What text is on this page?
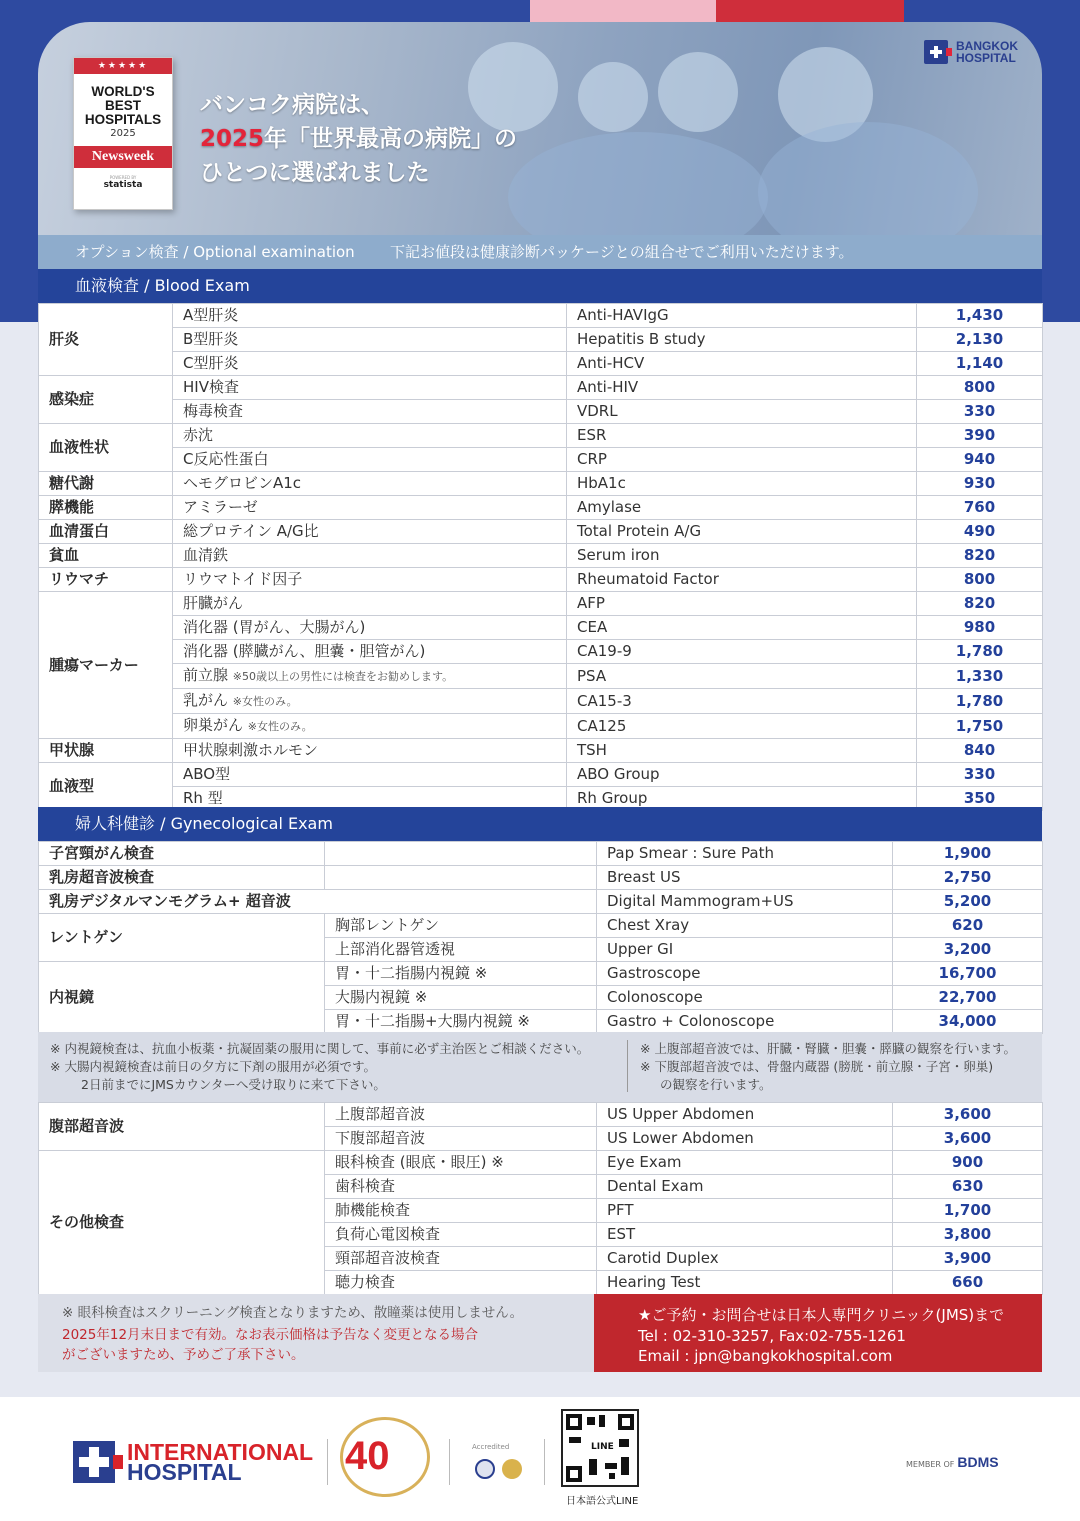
★★★★★
WORLD'S
BEST
HOSPITALS
2025
Newsweek
POWERED BY
statista
バンコク病院は、
2025年「世界最高の病院」の
ひとつに選ばれました
BANGKOK
HOSPITAL
オプション検査 / Optional examination 下記お値段は健康診断パッケージとの組合せでご利用いただけます。
血液検査 / Blood Exam
肝炎	A型肝炎	Anti-HAVIgG	1,430
	B型肝炎	Hepatitis B study	2,130
	C型肝炎	Anti-HCV	1,140
感染症	HIV検査	Anti-HIV	800
	梅毒検査	VDRL	330
血液性状	赤沈	ESR	390
	C反応性蛋白	CRP	940
糖代謝	ヘモグロビンA1c	HbA1c	930
膵機能	アミラーゼ	Amylase	760
血清蛋白	総プロテイン A/G比	Total Protein A/G	490
貧血	血清鉄	Serum iron	820
リウマチ	リウマトイド因子	Rheumatoid Factor	800
腫瘍マーカー	肝臓がん	AFP	820
	消化器 (胃がん、大腸がん)	CEA	980
	消化器 (膵臓がん、胆嚢・胆管がん)	CA19-9	1,780
	前立腺 ※50歳以上の男性には検査をお勧めします。	PSA	1,330
	乳がん ※女性のみ。	CA15-3	1,780
	卵巣がん ※女性のみ。	CA125	1,750
甲状腺	甲状腺刺激ホルモン	TSH	840
血液型	ABO型	ABO Group	330
	Rh 型	Rh Group	350
婦人科健診 / Gynecological Exam
子宮頸がん検査		Pap Smear : Sure Path	1,900
乳房超音波検査		Breast US	2,750
乳房デジタルマンモグラム+ 超音波		Digital Mammogram+US	5,200
レントゲン	胸部レントゲン	Chest Xray	620
	上部消化器管透視	Upper GI	3,200
内視鏡	胃・十二指腸内視鏡 ※	Gastroscope	16,700
	大腸内視鏡 ※	Colonoscope	22,700
	胃・十二指腸+大腸内視鏡 ※	Gastro + Colonoscope	34,000
※ 内視鏡検査は、抗血小板薬・抗凝固薬の服用に関して、事前に必ず主治医とご相談ください。
※ 大腸内視鏡検査は前日の夕方に下剤の服用が必須です。
2日前までにJMSカウンターへ受け取りに来て下さい。
※ 上腹部超音波では、肝臓・腎臓・胆嚢・膵臓の観察を行います。
※ 下腹部超音波では、骨盤内蔵器 (膀胱・前立腺・子宮・卵巣)
の観察を行います。
腹部超音波	上腹部超音波	US Upper Abdomen	3,600
	下腹部超音波	US Lower Abdomen	3,600
その他検査	眼科検査 (眼底・眼圧) ※	Eye Exam	900
	歯科検査	Dental Exam	630
	肺機能検査	PFT	1,700
	負荷心電図検査	EST	3,800
	頸部超音波検査	Carotid Duplex	3,900
	聴力検査	Hearing Test	660
※ 眼科検査はスクリーニング検査となりますため、散瞳薬は使用しません。
2025年12月末日まで有効。なお表示価格は予告なく変更となる場合
がございますため、予めご了承下さい。
★ご予約・お問合せは日本人専門クリニック(JMS)まで
Tel : 02-310-3257, Fax:02-755-1261
Email : jpn@bangkokhospital.com
INTERNATIONAL
HOSPITAL	40	Accredited	LINE
日本語公式LINE
MEMBER OF BDMS
